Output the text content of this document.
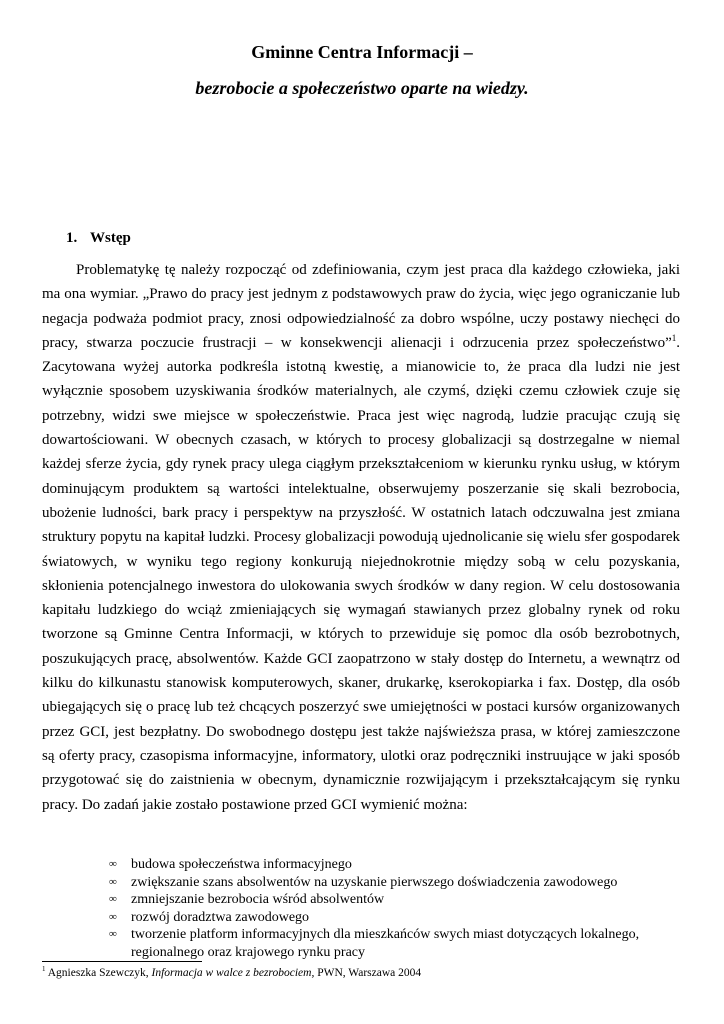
Gminne Centra Informacji –
bezrobocie a społeczeństwo oparte na wiedzy.
1. Wstęp

Problematykę tę należy rozpocząć od zdefiniowania, czym jest praca dla każdego człowieka, jaki ma ona wymiar. „Prawo do pracy jest jednym z podstawowych praw do życia, więc jego ograniczanie lub negacja podważa podmiot pracy, znosi odpowiedzialność za dobro wspólne, uczy postawy niechęci do pracy, stwarza poczucie frustracji – w konsekwencji alienacji i odrzucenia przez społeczeństwo”$^1$. Zacytowana wyżej autorka podkreśla istotną kwestię, a mianowicie to, że praca dla ludzi nie jest wyłącznie sposobem uzyskiwania środków materialnych, ale czymś, dzięki czemu człowiek czuje się potrzebny, widzi swe miejsce w społeczeństwie. Praca jest więc nagrodą, ludzie pracując czują się dowartościowani. W obecnych czasach, w których to procesy globalizacji są dostrzegalne w niemal każdej sferze życia, gdy rynek pracy ulega ciągłym przekształceniom w kierunku rynku usług, w którym dominującym produktem są wartości intelektualne, obserwujemy poszerzanie się skali bezrobocia, ubożenie ludności, bark pracy i perspektyw na przyszłość. W ostatnich latach odczuwalna jest zmiana struktury popytu na kapitał ludzki. Procesy globalizacji powodują ujednolicanie się wielu sfer gospodarek światowych, w wyniku tego regiony konkurują niejednokrotnie między sobą w celu pozyskania, skłonienia potencjalnego inwestora do ulokowania swych środków w dany region. W celu dostosowania kapitału ludzkiego do wciąż zmieniających się wymagań stawianych przez globalny rynek od roku tworzone są Gminne Centra Informacji, w których to przewiduje się pomoc dla osób bezrobotnych, poszukujących pracę, absolwentów. Każde GCI zaopatrzono w stały dostęp do Internetu, a wewnątrz od kilku do kilkunastu stanowisk komputerowych, skaner, drukarkę, kserokopiarka i fax. Dostęp, dla osób ubiegających się o pracę lub też chcących poszerzyć swe umiejętności w postaci kursów organizowanych przez GCI, jest bezpłatny. Do swobodnego dostępu jest także najświeższa prasa, w której zamieszczone są oferty pracy, czasopisma informacyjne, informatory, ulotki oraz podręczniki instruujące w jaki sposób przygotować się do zaistnienia w obecnym, dynamicznie rozwijającym i przekształcającym się rynku pracy. Do zadań jakie zostało postawione przed GCI wymienić można:

∞ budowa społeczeństwa informacyjnego
∞ zwiększanie szans absolwentów na uzyskanie pierwszego doświadczenia zawodowego
∞ zmniejszanie bezrobocia wśród absolwentów
∞ rozwój doradztwa zawodowego
∞ tworzenie platform informacyjnych dla mieszkańców swych miast dotyczących lokalnego, regionalnego oraz krajowego rynku pracy
$^1$ Agnieszka Szewczyk, Informacja w walce z bezrobociem, PWN, Warszawa 2004
